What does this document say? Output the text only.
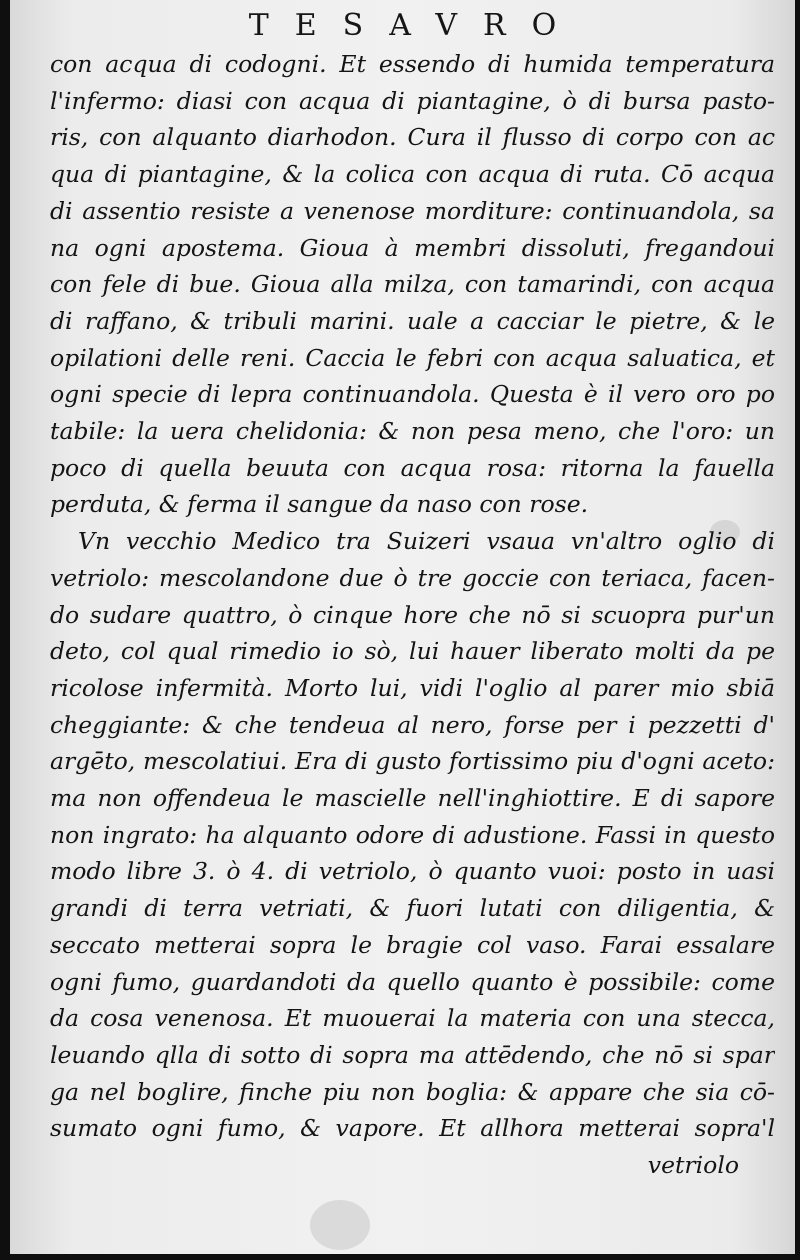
TESAVRO
con acqua di codogni. Et essendo di humida temperatura
l'infermo: diasi con acqua di piantagine, ò di bursa pasto-
ris, con alquanto diarhodon. Cura il flusso di corpo con ac
qua di piantagine, & la colica con acqua di ruta. Cō acqua
di assentio resiste a venenose morditure: continuandola, sa
na ogni apostema. Gioua à membri dissoluti, fregandoui
con fele di bue. Gioua alla milza, con tamarindi, con acqua
di raffano, & tribuli marini. uale a cacciar le pietre, & le
opilationi delle reni. Caccia le febri con acqua saluatica, et
ogni specie di lepra continuandola. Questa è il vero oro po
tabile: la uera chelidonia: & non pesa meno, che l'oro: un
poco di quella beuuta con acqua rosa: ritorna la fauella
perduta, & ferma il sangue da naso con rose.
Vn vecchio Medico tra Suizeri vsaua vn'altro oglio di
vetriolo: mescolandone due ò tre goccie con teriaca, facen-
do sudare quattro, ò cinque hore che nō si scuopra pur'un
deto, col qual rimedio io sò, lui hauer liberato molti da pe
ricolose infermità. Morto lui, vidi l'oglio al parer mio sbiā
cheggiante: & che tendeua al nero, forse per i pezzetti d'
argēto, mescolatiui. Era di gusto fortissimo piu d'ogni aceto:
ma non offendeua le mascielle nell'inghiottire. E di sapore
non ingrato: ha alquanto odore di adustione. Fassi in questo
modo libre 3. ò 4. di vetriolo, ò quanto vuoi: posto in uasi
grandi di terra vetriati, & fuori lutati con diligentia, &
seccato metterai sopra le bragie col vaso. Farai essalare
ogni fumo, guardandoti da quello quanto è possibile: come
da cosa venenosa. Et muouerai la materia con una stecca,
leuando qlla di sotto di sopra ma attēdendo, che nō si spar
ga nel boglire, finche piu non boglia: & appare che sia cō-
sumato ogni fumo, & vapore. Et allhora metterai sopra'l
vetriolo
